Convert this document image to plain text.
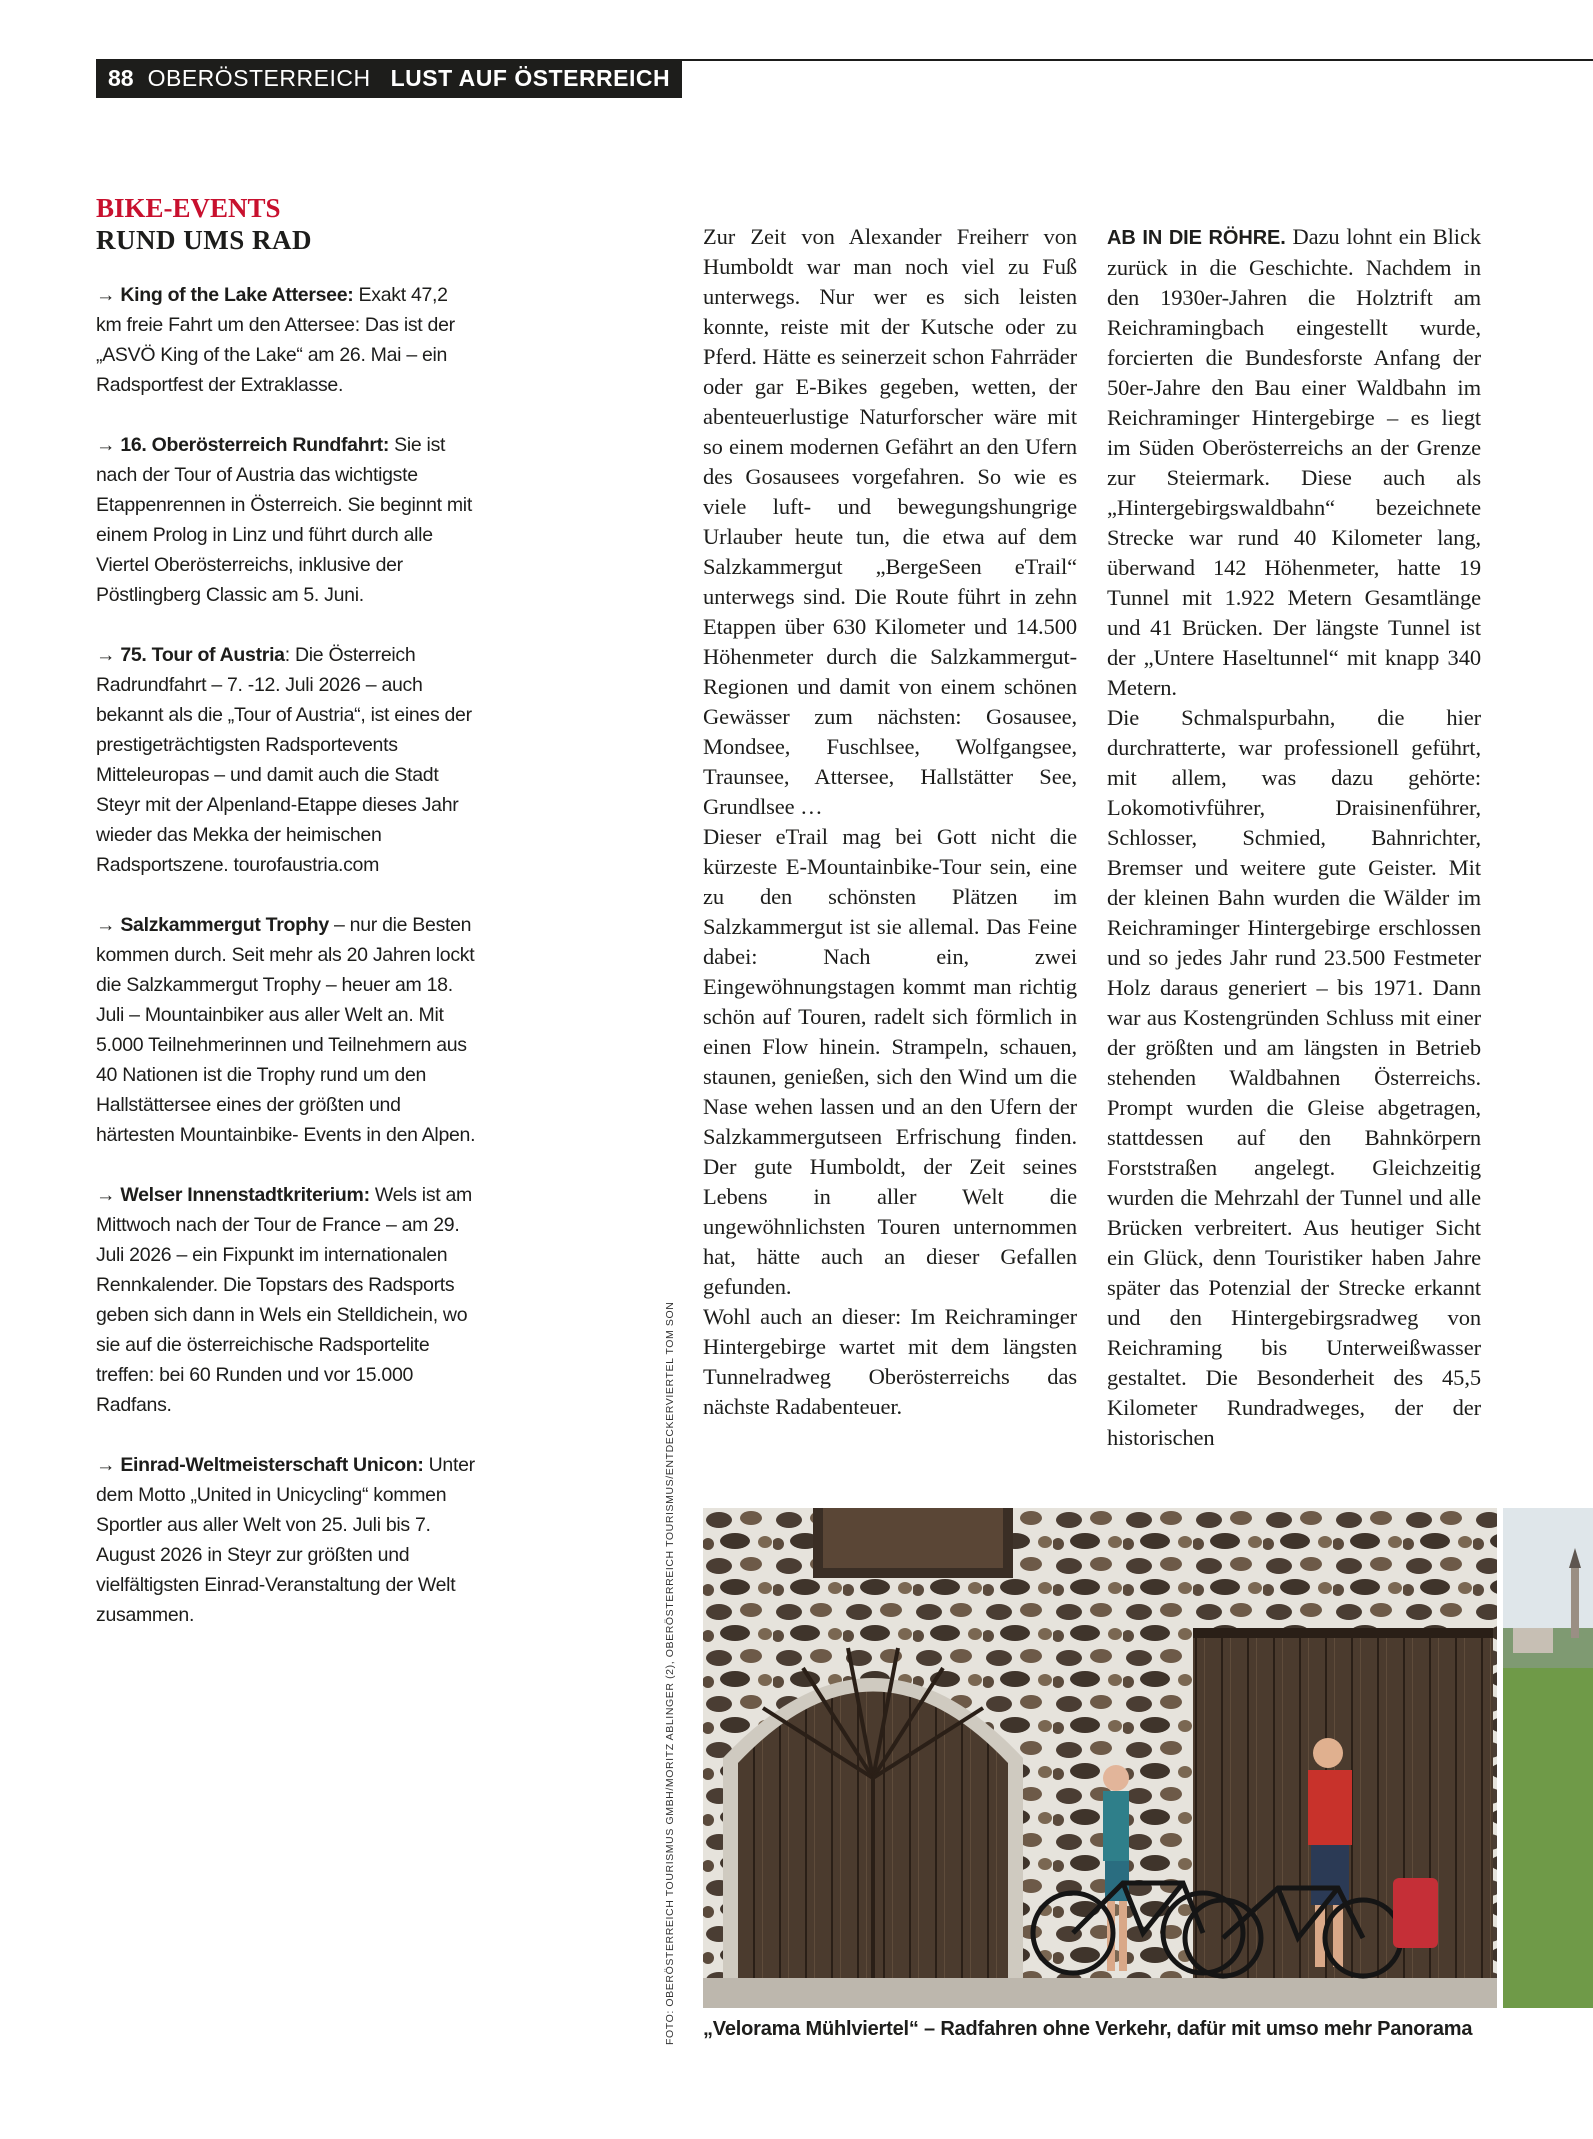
88 OBERÖSTERREICH LUST AUF ÖSTERREICH
BIKE-EVENTS
RUND UMS RAD
→ King of the Lake Attersee: Exakt 47,2 km freie Fahrt um den Attersee: Das ist der „ASVÖ King of the Lake“ am 26. Mai – ein Radsportfest der Extraklasse.
→ 16. Oberösterreich Rundfahrt: Sie ist nach der Tour of Austria das wichtigste Etappenrennen in Österreich. Sie beginnt mit einem Prolog in Linz und führt durch alle Viertel Oberösterreichs, inklusive der Pöstlingberg Classic am 5. Juni.
→ 75. Tour of Austria: Die Österreich Radrundfahrt – 7. -12. Juli 2026 – auch bekannt als die „Tour of Austria“, ist eines der prestigeträchtigsten Radsportevents Mitteleuropas – und damit auch die Stadt Steyr mit der Alpenland-Etappe dieses Jahr wieder das Mekka der heimischen Radsportszene. tourofaustria.com
→ Salzkammergut Trophy – nur die Besten kommen durch. Seit mehr als 20 Jahren lockt die Salzkammergut Trophy – heuer am 18. Juli – Mountainbiker aus aller Welt an. Mit 5.000 Teilnehmerinnen und Teilnehmern aus 40 Nationen ist die Trophy rund um den Hallstättersee eines der größten und härtesten Mountainbike- Events in den Alpen.
→ Welser Innenstadtkriterium: Wels ist am Mittwoch nach der Tour de France – am 29. Juli 2026 – ein Fixpunkt im internationalen Rennkalender. Die Topstars des Radsports geben sich dann in Wels ein Stelldichein, wo sie auf die österreichische Radsportelite treffen: bei 60 Runden und vor 15.000 Radfans.
→ Einrad-Weltmeisterschaft Unicon: Unter dem Motto „United in Unicycling“ kommen Sportler aus aller Welt von 25. Juli bis 7. August 2026 in Steyr zur größten und vielfältigsten Einrad-Veranstaltung der Welt zusammen.

Zur Zeit von Alexander Freiherr von Humboldt war man noch viel zu Fuß unterwegs. Nur wer es sich leisten konnte, reiste mit der Kutsche oder zu Pferd. Hätte es seinerzeit schon Fahrräder oder gar E-Bikes gegeben, wetten, der abenteuerlustige Naturforscher wäre mit so einem modernen Gefährt an den Ufern des Gosausees vorgefahren. So wie es viele luft- und bewegungshungrige Urlauber heute tun, die etwa auf dem Salzkammergut „BergeSeen eTrail“ unterwegs sind. Die Route führt in zehn Etappen über 630 Kilometer und 14.500 Höhenmeter durch die Salzkammergut-Regionen und damit von einem schönen Gewässer zum nächsten: Gosausee, Mondsee, Fuschlsee, Wolfgangsee, Traunsee, Attersee, Hallstätter See, Grundlsee …

Dieser eTrail mag bei Gott nicht die kürzeste E-Mountainbike-Tour sein, eine zu den schönsten Plätzen im Salzkammergut ist sie allemal. Das Feine dabei: Nach ein, zwei Eingewöhnungstagen kommt man richtig schön auf Touren, radelt sich förmlich in einen Flow hinein. Strampeln, schauen, staunen, genießen, sich den Wind um die Nase wehen lassen und an den Ufern der Salzkammergutseen Erfrischung finden. Der gute Humboldt, der Zeit seines Lebens in aller Welt die ungewöhnlichsten Touren unternommen hat, hätte auch an dieser Gefallen gefunden.

Wohl auch an dieser: Im Reichraminger Hintergebirge wartet mit dem längsten Tunnelradweg Oberösterreichs das nächste Radabenteuer.

AB IN DIE RÖHRE. Dazu lohnt ein Blick zurück in die Geschichte. Nachdem in den 1930er-Jahren die Holztrift am Reichramingbach eingestellt wurde, forcierten die Bundesforste Anfang der 50er-Jahre den Bau einer Waldbahn im Reichraminger Hintergebirge – es liegt im Süden Oberösterreichs an der Grenze zur Steiermark. Diese auch als „Hintergebirgswaldbahn“ bezeichnete Strecke war rund 40 Kilometer lang, überwand 142 Höhenmeter, hatte 19 Tunnel mit 1.922 Metern Gesamtlänge und 41 Brücken. Der längste Tunnel ist der „Untere Haseltunnel“ mit knapp 340 Metern.

Die Schmalspurbahn, die hier durchratterte, war professionell geführt, mit allem, was dazu gehörte: Lokomotivführer, Draisinenführer, Schlosser, Schmied, Bahnrichter, Bremser und weitere gute Geister. Mit der kleinen Bahn wurden die Wälder im Reichraminger Hintergebirge erschlossen und so jedes Jahr rund 23.500 Festmeter Holz daraus generiert – bis 1971. Dann war aus Kostengründen Schluss mit einer der größten und am längsten in Betrieb stehenden Waldbahnen Österreichs. Prompt wurden die Gleise abgetragen, stattdessen auf den Bahnkörpern Forststraßen angelegt. Gleichzeitig wurden die Mehrzahl der Tunnel und alle Brücken verbreitert. Aus heutiger Sicht ein Glück, denn Touristiker haben Jahre später das Potenzial der Strecke erkannt und den Hintergebirgsradweg von Reichraming bis Unterweißwasser gestaltet. Die Besonderheit des 45,5 Kilometer Rundradweges, der der historischen

FOTO: OBERÖSTERREICH TOURISMUS GMBH/MORITZ ABLINGER (2), OBERÖSTERREICH TOURISMUS/ENTDECKERVIERTEL TOM SON „Velorama Mühlviertel“ – Radfahren ohne Verkehr, dafür mit umso mehr Panorama
